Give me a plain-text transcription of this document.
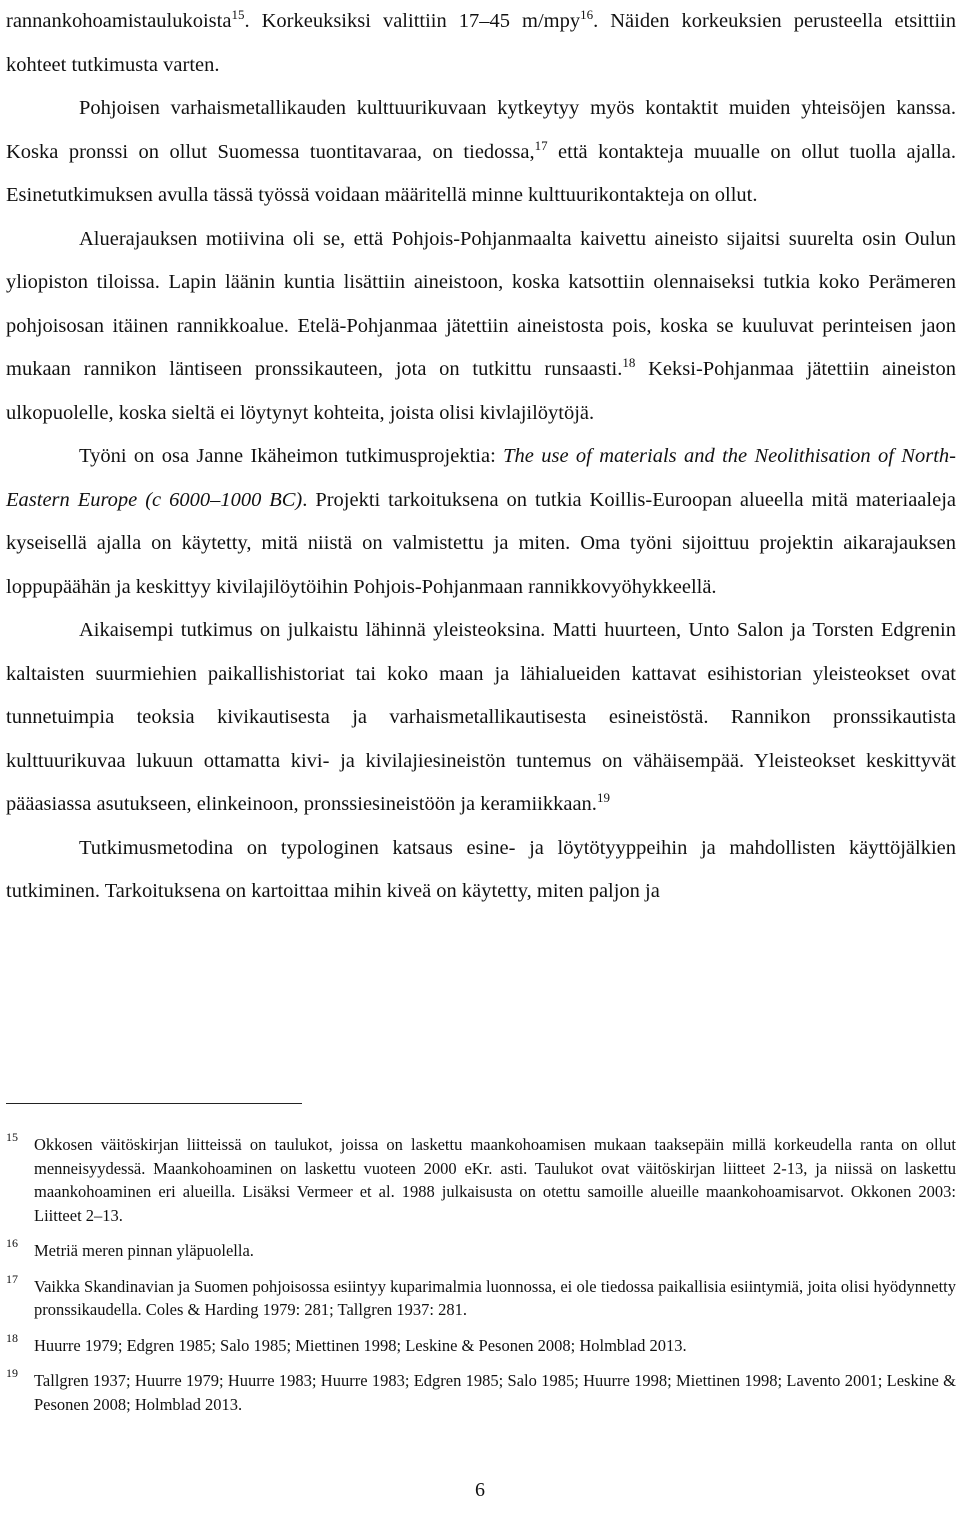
rannankohoamistaulukoista$^{15}$. Korkeuksiksi valittiin 17–45 m/mpy$^{16}$. Näiden korkeuksien perusteella etsittiin kohteet tutkimusta varten.

Pohjoisen varhaismetallikauden kulttuurikuvaan kytkeytyy myös kontaktit muiden yhteisöjen kanssa. Koska pronssi on ollut Suomessa tuontitavaraa, on tiedossa,$^{17}$ että kontakteja muualle on ollut tuolla ajalla. Esinetutkimuksen avulla tässä työssä voidaan määritellä minne kulttuurikontakteja on ollut.

Aluerajauksen motiivina oli se, että Pohjois-Pohjanmaalta kaivettu aineisto sijaitsi suurelta osin Oulun yliopiston tiloissa. Lapin läänin kuntia lisättiin aineistoon, koska katsottiin olennaiseksi tutkia koko Perämeren pohjoisosan itäinen rannikkoalue. Etelä-Pohjanmaa jätettiin aineistosta pois, koska se kuuluvat perinteisen jaon mukaan rannikon läntiseen pronssikauteen, jota on tutkittu runsaasti.$^{18}$ Keksi-Pohjanmaa jätettiin aineiston ulkopuolelle, koska sieltä ei löytynyt kohteita, joista olisi kivlajilöytöjä.

Työni on osa Janne Ikäheimon tutkimusprojektia: The use of materials and the Neolithisation of North-Eastern Europe (c 6000–1000 BC). Projekti tarkoituksena on tutkia Koillis-Euroopan alueella mitä materiaaleja kyseisellä ajalla on käytetty, mitä niistä on valmistettu ja miten. Oma työni sijoittuu projektin aikarajauksen loppupäähän ja keskittyy kivilajilöytöihin Pohjois-Pohjanmaan rannikkovyöhykkeellä.

Aikaisempi tutkimus on julkaistu lähinnä yleisteoksina. Matti huurteen, Unto Salon ja Torsten Edgrenin kaltaisten suurmiehien paikallishistoriat tai koko maan ja lähialueiden kattavat esihistorian yleisteokset ovat tunnetuimpia teoksia kivikautisesta ja varhaismetallikautisesta esineistöstä. Rannikon pronssikautista kulttuurikuvaa lukuun ottamatta kivi- ja kivilajiesineistön tuntemus on vähäisempää. Yleisteokset keskittyvät pääasiassa asutukseen, elinkeinoon, pronssiesineistöön ja keramiikkaan.$^{19}$

Tutkimusmetodina on typologinen katsaus esine- ja löytötyyppeihin ja mahdollisten käyttöjälkien tutkiminen. Tarkoituksena on kartoittaa mihin kiveä on käytetty, miten paljon ja

15 Okkosen väitöskirjan liitteissä on taulukot, joissa on laskettu maankohoamisen mukaan taaksepäin millä korkeudella ranta on ollut menneisyydessä. Maankohoaminen on laskettu vuoteen 2000 eKr. asti. Taulukot ovat väitöskirjan liitteet 2-13, ja niissä on laskettu maankohoaminen eri alueilla. Lisäksi Vermeer et al. 1988 julkaisusta on otettu samoille alueille maankohoamisarvot. Okkonen 2003: Liitteet 2–13.
16 Metriä meren pinnan yläpuolella.
17 Vaikka Skandinavian ja Suomen pohjoisossa esiintyy kuparimalmia luonnossa, ei ole tiedossa paikallisia esiintymiä, joita olisi hyödynnetty pronssikaudella. Coles & Harding 1979: 281; Tallgren 1937: 281.
18 Huurre 1979; Edgren 1985; Salo 1985; Miettinen 1998; Leskine & Pesonen 2008; Holmblad 2013.
19 Tallgren 1937; Huurre 1979; Huurre 1983; Huurre 1983; Edgren 1985; Salo 1985; Huurre 1998; Miettinen 1998; Lavento 2001; Leskine & Pesonen 2008; Holmblad 2013.
6
